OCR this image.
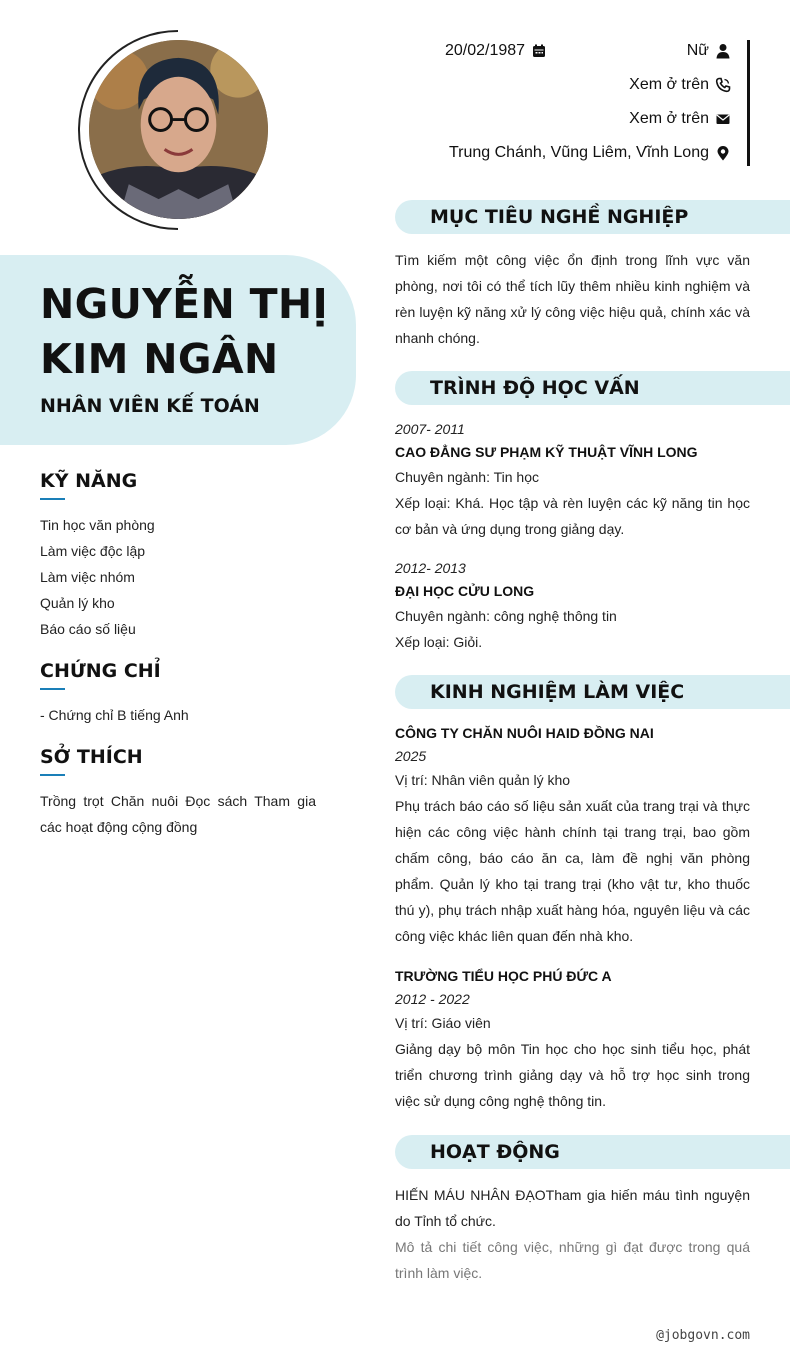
NGUYỄN THỊ
KIM NGÂN
NHÂN VIÊN KẾ TOÁN
KỸ NĂNG
Tin học văn phòng
Làm việc độc lập
Làm việc nhóm
Quản lý kho
Báo cáo số liệu
CHỨNG CHỈ
- Chứng chỉ B tiếng Anh
SỞ THÍCH
Trồng trọt Chăn nuôi Đọc sách Tham gia các hoạt động cộng đồng
20/02/1987	Nữ
Xem ở trên
Xem ở trên
Trung Chánh, Vũng Liêm, Vĩnh Long
MỤC TIÊU NGHỀ NGHIỆP
Tìm kiếm một công việc ổn định trong lĩnh vực văn phòng, nơi tôi có thể tích lũy thêm nhiều kinh nghiệm và rèn luyện kỹ năng xử lý công việc hiệu quả, chính xác và nhanh chóng.
TRÌNH ĐỘ HỌC VẤN
2007- 2011
CAO ĐẲNG SƯ PHẠM KỸ THUẬT VĨNH LONG
Chuyên ngành: Tin học
Xếp loại: Khá. Học tập và rèn luyện các kỹ năng tin học cơ bản và ứng dụng trong giảng dạy.
2012- 2013
ĐẠI HỌC CỬU LONG
Chuyên ngành: công nghệ thông tin
Xếp loại: Giỏi.
KINH NGHIỆM LÀM VIỆC
CÔNG TY CHĂN NUÔI HAID ĐỒNG NAI
2025
Vị trí: Nhân viên quản lý kho
Phụ trách báo cáo số liệu sản xuất của trang trại và thực hiện các công việc hành chính tại trang trại, bao gồm chấm công, báo cáo ăn ca, làm đề nghị văn phòng phẩm. Quản lý kho tại trang trại (kho vật tư, kho thuốc thú y), phụ trách nhập xuất hàng hóa, nguyên liệu và các công việc khác liên quan đến nhà kho.
TRƯỜNG TIỂU HỌC PHÚ ĐỨC A
2012 - 2022
Vị trí: Giáo viên
Giảng dạy bộ môn Tin học cho học sinh tiểu học, phát triển chương trình giảng dạy và hỗ trợ học sinh trong việc sử dụng công nghệ thông tin.
HOẠT ĐỘNG
HIẾN MÁU NHÂN ĐẠOTham gia hiến máu tình nguyện do Tỉnh tổ chức.
Mô tả chi tiết công việc, những gì đạt được trong quá trình làm việc.
@jobgovn.com
